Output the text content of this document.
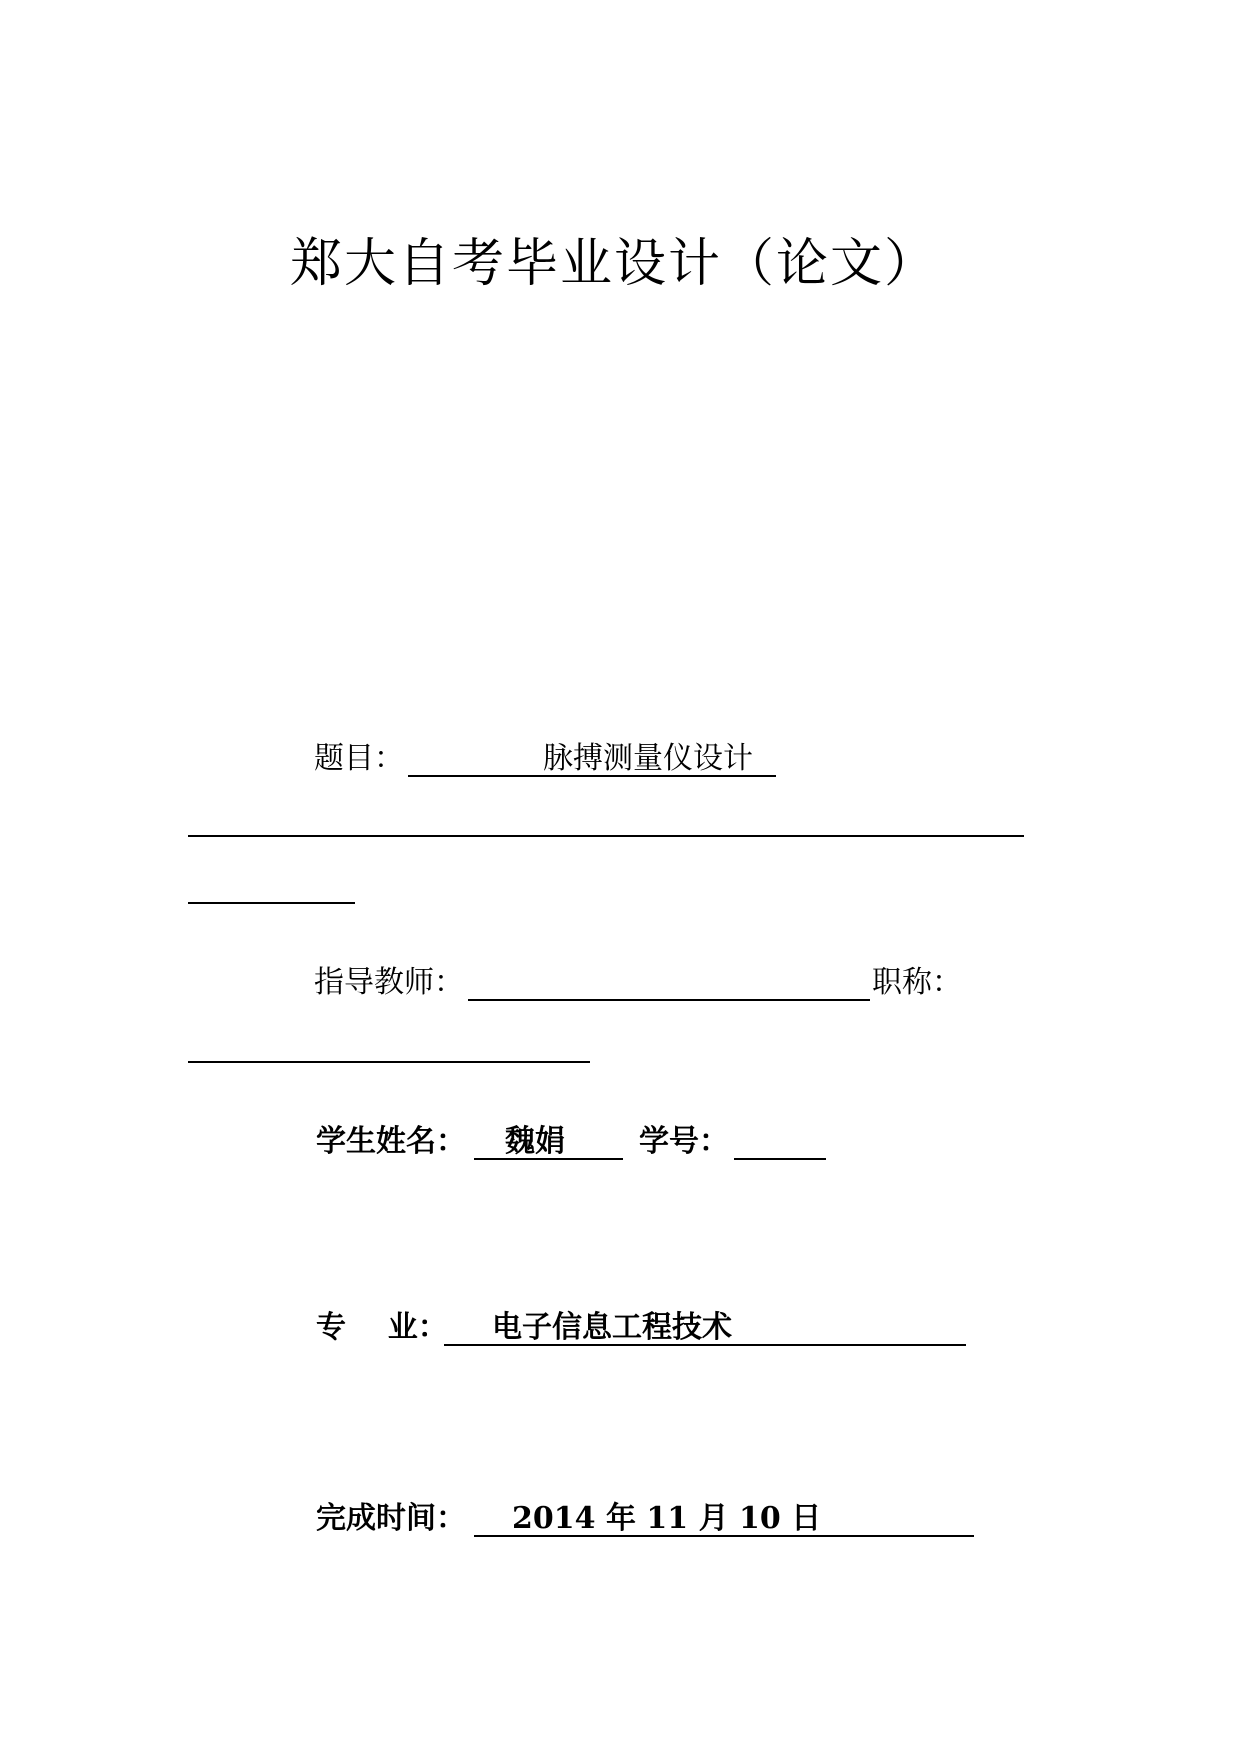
郑大自考毕业设计（论文）
题目：	脉搏测量仪设计
指导教师：	职称：
学生姓名： 魏娟 学号：
专    业： 电子信息工程技术
完成时间： 2014 年 11 月 10 日
